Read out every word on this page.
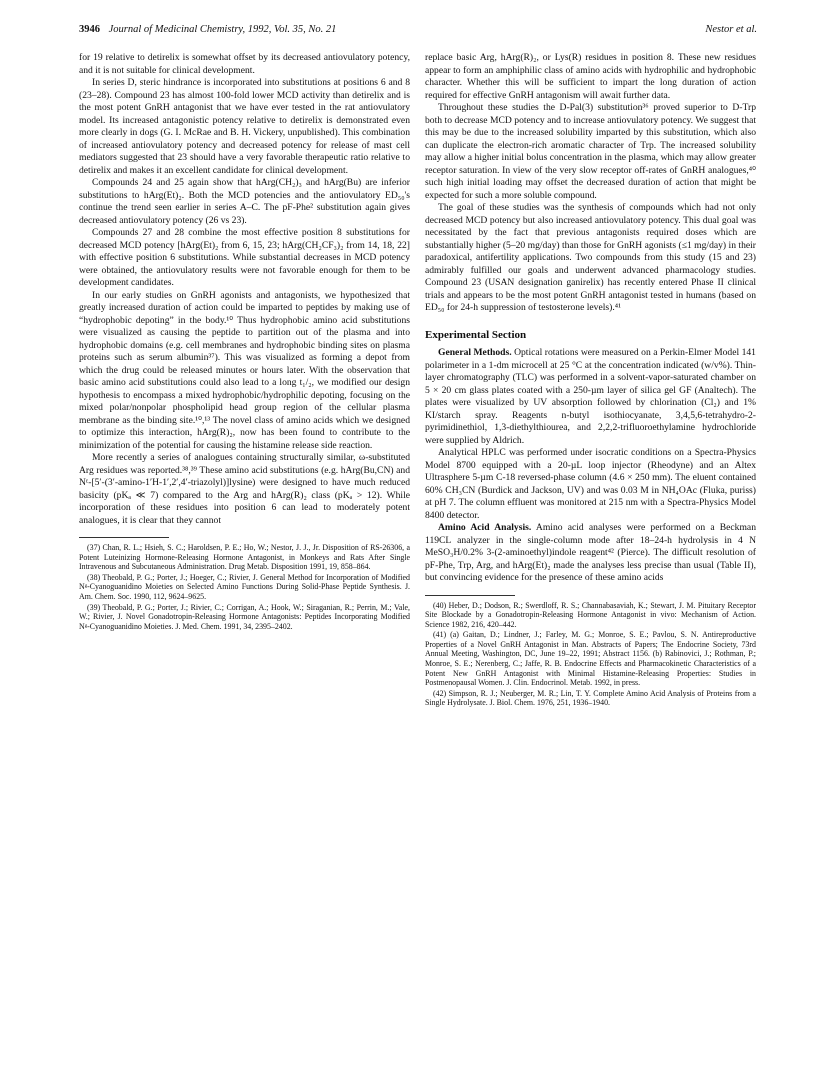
3946 Journal of Medicinal Chemistry, 1992, Vol. 35, No. 21	Nestor et al.

for 19 relative to detirelix is somewhat offset by its decreased antiovulatory potency, and it is not suitable for clinical development.

In series D, steric hindrance is incorporated into substitutions at positions 6 and 8 (23–28). Compound 23 has almost 100-fold lower MCD activity than detirelix and is the most potent GnRH antagonist that we have ever tested in the rat antiovulatory model. Its increased antagonistic potency relative to detirelix is demonstrated even more clearly in dogs (G. I. McRae and B. H. Vickery, unpublished). This combination of increased antiovulatory potency and decreased potency for release of mast cell mediators suggested that 23 should have a very favorable therapeutic ratio relative to detirelix and makes it an excellent candidate for clinical development.

Compounds 24 and 25 again show that hArg(CH₂)₃ and hArg(Bu) are inferior substitutions to hArg(Et)₂. Both the MCD potencies and the antiovulatory ED₅₀'s continue the trend seen earlier in series A–C. The pF-Phe² substitution again gives decreased antiovulatory potency (26 vs 23).

Compounds 27 and 28 combine the most effective position 8 substitutions for decreased MCD potency [hArg(Et)₂ from 6, 15, 23; hArg(CH₂CF₃)₂ from 14, 18, 22] with effective position 6 substitutions. While substantial decreases in MCD potency were obtained, the antiovulatory results were not favorable enough for them to be development candidates.

In our early studies on GnRH agonists and antagonists, we hypothesized that greatly increased duration of action could be imparted to peptides by making use of “hydrophobic depoting” in the body.¹⁰ Thus hydrophobic amino acid substitutions were visualized as causing the peptide to partition out of the plasma and into hydrophobic domains (e.g. cell membranes and hydrophobic binding sites on plasma proteins such as serum albumin³⁷). This was visualized as forming a depot from which the drug could be released minutes or hours later. With the observation that basic amino acid substitutions could also lead to a long t₁/₂, we modified our design hypothesis to encompass a mixed hydrophobic/hydrophilic depoting, focusing on the mixed polar/nonpolar phospholipid head group region of the cellular plasma membrane as the binding site.¹⁰,¹³ The novel class of amino acids which we designed to optimize this interaction, hArg(R)₂, now has been found to contribute to the minimization of the potential for causing the histamine release side reaction.

More recently a series of analogues containing structurally similar, ω-substituted Arg residues was reported.³⁸,³⁹ These amino acid substitutions (e.g. hArg(Bu,CN) and Nᵋ-[5′-(3′-amino-1′H-1′,2′,4′-triazolyl)]lysine) were designed to have much reduced basicity (pKₐ ≪ 7) compared to the Arg and hArg(R)₂ class (pKₐ > 12). While incorporation of these residues into position 6 can lead to moderately potent analogues, it is clear that they cannot

(37) Chan, R. L.; Hsieh, S. C.; Haroldsen, P. E.; Ho, W.; Nestor, J. J., Jr. Disposition of RS-26306, a Potent Luteinizing Hormone-Releasing Hormone Antagonist, in Monkeys and Rats After Single Intravenous and Subcutaneous Administration. Drug Metab. Disposition 1991, 19, 858–864.
(38) Theobald, P. G.; Porter, J.; Hoeger, C.; Rivier, J. General Method for Incorporation of Modified Nᵍ-Cyanoguanidino Moieties on Selected Amino Functions During Solid-Phase Peptide Synthesis. J. Am. Chem. Soc. 1990, 112, 9624–9625.
(39) Theobald, P. G.; Porter, J.; Rivier, C.; Corrigan, A.; Hook, W.; Siraganian, R.; Perrin, M.; Vale, W.; Rivier, J. Novel Gonadotropin-Releasing Hormone Antagonists: Peptides Incorporating Modified Nᵍ-Cyanoguanidino Moieties. J. Med. Chem. 1991, 34, 2395–2402.

replace basic Arg, hArg(R)₂, or Lys(R) residues in position 8. These new residues appear to form an amphiphilic class of amino acids with hydrophilic and hydrophobic character. Whether this will be sufficient to impart the long duration of action required for effective GnRH antagonism will await further data.

Throughout these studies the D-Pal(3) substitution³⁶ proved superior to D-Trp both to decrease MCD potency and to increase antiovulatory potency. We suggest that this may be due to the increased solubility imparted by this substitution, which also can duplicate the electron-rich aromatic character of Trp. The increased solubility may allow a higher initial bolus concentration in the plasma, which may allow greater receptor saturation. In view of the very slow receptor off-rates of GnRH analogues,⁴⁰ such high initial loading may offset the decreased duration of action that might be expected for such a more soluble compound.

The goal of these studies was the synthesis of compounds which had not only decreased MCD potency but also increased antiovulatory potency. This dual goal was necessitated by the fact that previous antagonists required doses which are substantially higher (5–20 mg/day) than those for GnRH agonists (≤1 mg/day) in their paradoxical, antifertility applications. Two compounds from this study (15 and 23) admirably fulfilled our goals and underwent advanced pharmacology studies. Compound 23 (USAN designation ganirelix) has recently entered Phase II clinical trials and appears to be the most potent GnRH antagonist tested in humans (based on ED₅₀ for 24-h suppression of testosterone levels).⁴¹

Experimental Section

General Methods. Optical rotations were measured on a Perkin-Elmer Model 141 polarimeter in a 1-dm microcell at 25 °C at the concentration indicated (w/v%). Thin-layer chromatography (TLC) was performed in a solvent-vapor-saturated chamber on 5 × 20 cm glass plates coated with a 250-µm layer of silica gel GF (Analtech). The plates were visualized by UV absorption followed by chlorination (Cl₂) and 1% KI/starch spray. Reagents n-butyl isothiocyanate, 3,4,5,6-tetrahydro-2-pyrimidinethiol, 1,3-diethylthiourea, and 2,2,2-trifluoroethylamine hydrochloride were supplied by Aldrich.

Analytical HPLC was performed under isocratic conditions on a Spectra-Physics Model 8700 equipped with a 20-µL loop injector (Rheodyne) and an Altex Ultrasphere 5-µm C-18 reversed-phase column (4.6 × 250 mm). The eluent contained 60% CH₃CN (Burdick and Jackson, UV) and was 0.03 M in NH₄OAc (Fluka, puriss) at pH 7. The column effluent was monitored at 215 nm with a Spectra-Physics Model 8400 detector.

Amino Acid Analysis. Amino acid analyses were performed on a Beckman 119CL analyzer in the single-column mode after 18–24-h hydrolysis in 4 N MeSO₃H/0.2% 3-(2-aminoethyl)indole reagent⁴² (Pierce). The difficult resolution of pF-Phe, Trp, Arg, and hArg(Et)₂ made the analyses less precise than usual (Table II), but convincing evidence for the presence of these amino acids

(40) Heber, D.; Dodson, R.; Swerdloff, R. S.; Channabasaviah, K.; Stewart, J. M. Pituitary Receptor Site Blockade by a Gonadotropin-Releasing Hormone Antagonist in vivo: Mechanism of Action. Science 1982, 216, 420–442.
(41) (a) Gaitan, D.; Lindner, J.; Farley, M. G.; Monroe, S. E.; Pavlou, S. N. Antireproductive Properties of a Novel GnRH Antagonist in Man. Abstracts of Papers; The Endocrine Society, 73rd Annual Meeting, Washington, DC, June 19–22, 1991; Abstract 1156. (b) Rabinovici, J.; Rothman, P.; Monroe, S. E.; Nerenberg, C.; Jaffe, R. B. Endocrine Effects and Pharmacokinetic Characteristics of a Potent New GnRH Antagonist with Minimal Histamine-Releasing Properties: Studies in Postmenopausal Women. J. Clin. Endocrinol. Metab. 1992, in press.
(42) Simpson, R. J.; Neuberger, M. R.; Lin, T. Y. Complete Amino Acid Analysis of Proteins from a Single Hydrolysate. J. Biol. Chem. 1976, 251, 1936–1940.
